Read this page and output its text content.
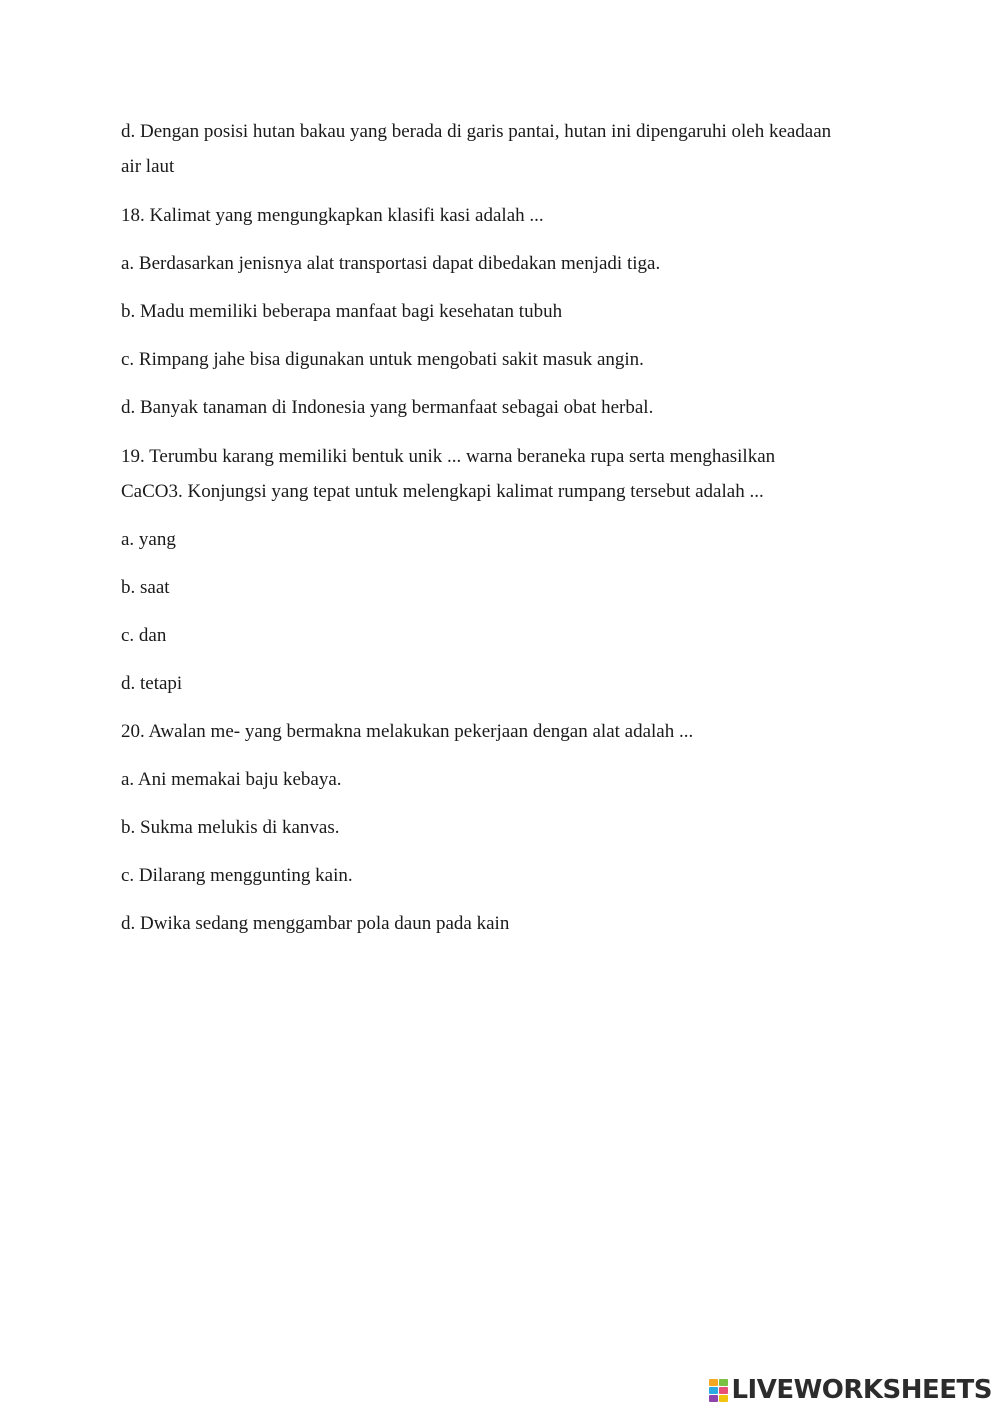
d. Dengan posisi hutan bakau yang berada di garis pantai, hutan ini dipengaruhi oleh keadaan

air laut

18. Kalimat yang mengungkapkan klasifi kasi adalah ...

a. Berdasarkan jenisnya alat transportasi dapat dibedakan menjadi tiga.

b. Madu memiliki beberapa manfaat bagi kesehatan tubuh

c. Rimpang jahe bisa digunakan untuk mengobati sakit masuk angin.

d. Banyak tanaman di Indonesia yang bermanfaat sebagai obat herbal.

19. Terumbu karang memiliki bentuk unik ... warna beraneka rupa serta menghasilkan

CaCO3. Konjungsi yang tepat untuk melengkapi kalimat rumpang tersebut adalah ...

a. yang

b. saat

c. dan

d. tetapi

20. Awalan me- yang bermakna melakukan pekerjaan dengan alat adalah ...

a. Ani memakai baju kebaya.

b. Sukma melukis di kanvas.

c. Dilarang menggunting kain.

d. Dwika sedang menggambar pola daun pada kain

LIVEWORKSHEETS
